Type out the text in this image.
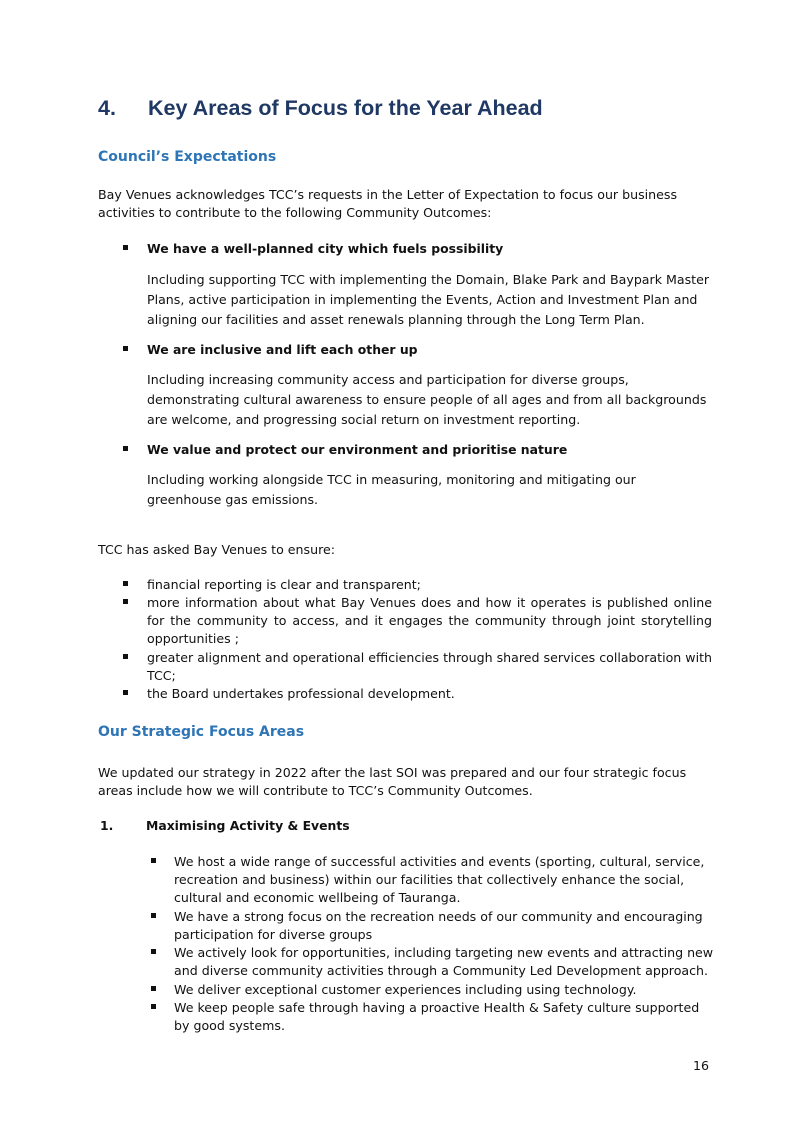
4. Key Areas of Focus for the Year Ahead
Council’s Expectations

Bay Venues acknowledges TCC’s requests in the Letter of Expectation to focus our business activities to contribute to the following Community Outcomes:

We have a well-planned city which fuels possibility

Including supporting TCC with implementing the Domain, Blake Park and Baypark Master Plans, active participation in implementing the Events, Action and Investment Plan and aligning our facilities and asset renewals planning through the Long Term Plan.

We are inclusive and lift each other up

Including increasing community access and participation for diverse groups, demonstrating cultural awareness to ensure people of all ages and from all backgrounds are welcome, and progressing social return on investment reporting.

We value and protect our environment and prioritise nature

Including working alongside TCC in measuring, monitoring and mitigating our greenhouse gas emissions.

TCC has asked Bay Venues to ensure:

financial reporting is clear and transparent;

more information about what Bay Venues does and how it operates is published online for the community to access, and it engages the community through joint storytelling opportunities ;

greater alignment and operational efficiencies through shared services collaboration with TCC;

the Board undertakes professional development.

Our Strategic Focus Areas

We updated our strategy in 2022 after the last SOI was prepared and our four strategic focus areas include how we will contribute to TCC’s Community Outcomes.

1.	Maximising Activity & Events

We host a wide range of successful activities and events (sporting, cultural, service, recreation and business) within our facilities that collectively enhance the social, cultural and economic wellbeing of Tauranga.

We have a strong focus on the recreation needs of our community and encouraging participation for diverse groups

We actively look for opportunities, including targeting new events and attracting new and diverse community activities through a Community Led Development approach.

We deliver exceptional customer experiences including using technology.

We keep people safe through having a proactive Health & Safety culture supported by good systems.

16
